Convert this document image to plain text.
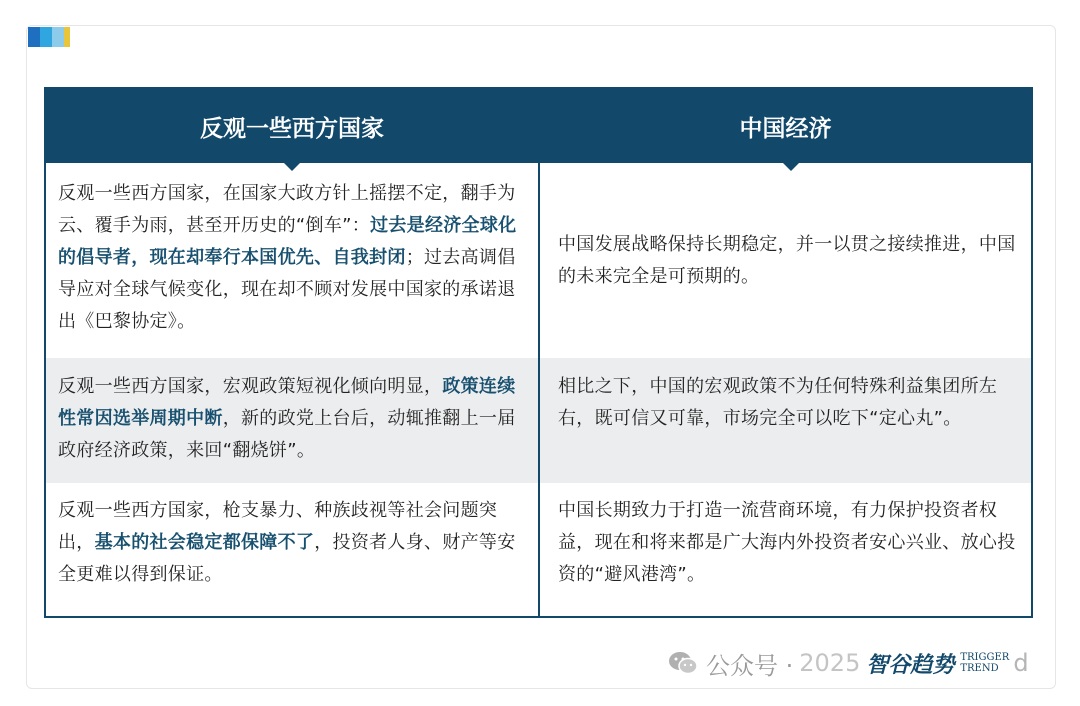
反观一些西方国家	中国经济
反观一些西方国家，在国家大政方针上摇摆不定，翻手为云、覆手为雨，甚至开历史的“倒车”：过去是经济全球化的倡导者，现在却奉行本国优先、自我封闭；过去高调倡导应对全球气候变化，现在却不顾对发展中国家的承诺退出《巴黎协定》。
中国发展战略保持长期稳定，并一以贯之接续推进，中国的未来完全是可预期的。
反观一些西方国家，宏观政策短视化倾向明显，政策连续性常因选举周期中断，新的政党上台后，动辄推翻上一届政府经济政策，来回“翻烧饼”。
相比之下，中国的宏观政策不为任何特殊利益集团所左右，既可信又可靠，市场完全可以吃下“定心丸”。
反观一些西方国家，枪支暴力、种族歧视等社会问题突出，基本的社会稳定都保障不了，投资者人身、财产等安全更难以得到保证。
中国长期致力于打造一流营商环境，有力保护投资者权益，现在和将来都是广大海内外投资者安心兴业、放心投资的“避风港湾”。
公众号 · 2025 智谷趋势 TRIGGER
TREND d
